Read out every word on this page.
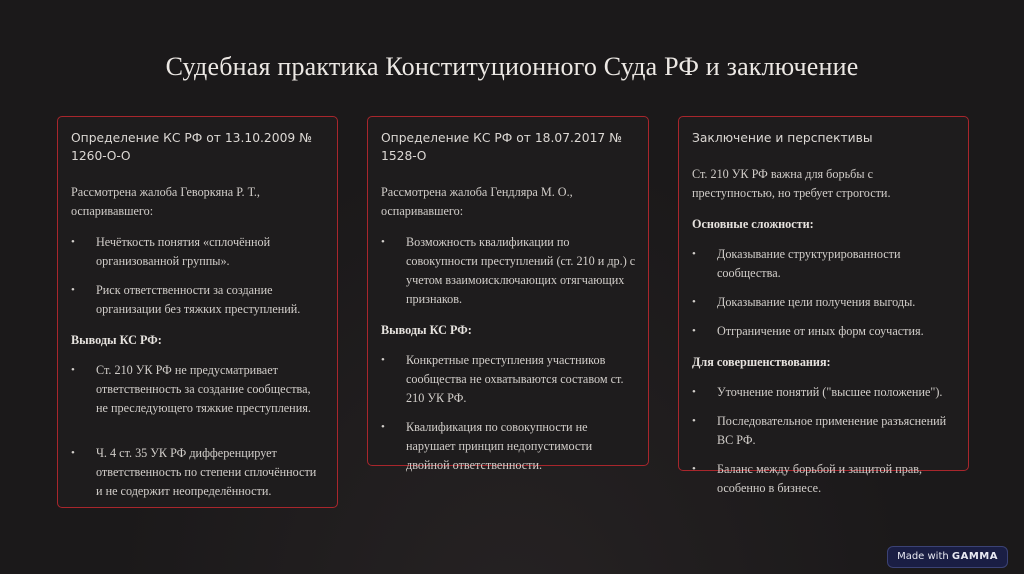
Судебная практика Конституционного Суда РФ и заключение
Определение КС РФ от 13.10.2009 № 1260-О-О
Рассмотрена жалоба Геворкяна Р. Т., оспаривавшего:
• Нечёткость понятия «сплочённой организованной группы».
• Риск ответственности за создание организации без тяжких преступлений.
Выводы КС РФ:
• Ст. 210 УК РФ не предусматривает ответственность за создание сообщества, не преследующего тяжкие преступления.
• Ч. 4 ст. 35 УК РФ дифференцирует ответственность по степени сплочённости и не содержит неопределённости.
Определение КС РФ от 18.07.2017 № 1528-О
Рассмотрена жалоба Гендляра М. О., оспаривавшего:
• Возможность квалификации по совокупности преступлений (ст. 210 и др.) с учетом взаимоисключающих отягчающих признаков.
Выводы КС РФ:
• Конкретные преступления участников сообщества не охватываются составом ст. 210 УК РФ.
• Квалификация по совокупности не нарушает принцип недопустимости двойной ответственности.
Заключение и перспективы
Ст. 210 УК РФ важна для борьбы с преступностью, но требует строгости.
Основные сложности:
• Доказывание структурированности сообщества.
• Доказывание цели получения выгоды.
• Отграничение от иных форм соучастия.
Для совершенствования:
• Уточнение понятий ("высшее положение").
• Последовательное применение разъяснений ВС РФ.
• Баланс между борьбой и защитой прав, особенно в бизнесе.
Made with GAMMA
